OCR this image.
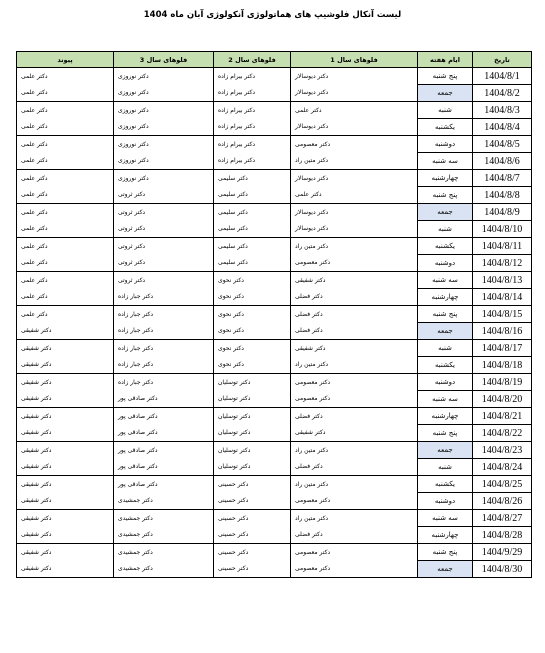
لیست آنکال فلوشیپ های هماتولوژی آنکولوژی آبان ماه 1404
تاریخ	ایام هفته	فلوهای سال 1	فلوهای سال 2	فلوهای سال 3	پیوند
1404/8/1	پنج شنبه	دکتر دیوسالار	دکتر بیرام زاده	دکتر نوروزی	دکتر علمی
1404/8/2	جمعه	دکتر دیوسالار	دکتر بیرام زاده	دکتر نوروزی	دکتر علمی
1404/8/3	شنبه	دکتر علمی	دکتر بیرام زاده	دکتر نوروزی	دکتر علمی
1404/8/4	یکشنبه	دکتر دیوسالار	دکتر بیرام زاده	دکتر نوروزی	دکتر علمی
1404/8/5	دوشنبه	دکتر معصومی	دکتر بیرام زاده	دکتر نوروزی	دکتر علمی
1404/8/6	سه شنبه	دکتر متین راد	دکتر بیرام زاده	دکتر نوروزی	دکتر علمی
1404/8/7	چهارشنبه	دکتر دیوسالار	دکتر سلیمی	دکتر نوروزی	دکتر علمی
1404/8/8	پنج شنبه	دکتر علمی	دکتر سلیمی	دکتر ثروتی	دکتر علمی
1404/8/9	جمعه	دکتر دیوسالار	دکتر سلیمی	دکتر ثروتی	دکتر علمی
1404/8/10	شنبه	دکتر دیوسالار	دکتر سلیمی	دکتر ثروتی	دکتر علمی
1404/8/11	یکشنبه	دکتر متین راد	دکتر سلیمی	دکتر ثروتی	دکتر علمی
1404/8/12	دوشنبه	دکتر معصومی	دکتر سلیمی	دکتر ثروتی	دکتر علمی
1404/8/13	سه شنبه	دکتر شفیقی	دکتر نحوی	دکتر ثروتی	دکتر علمی
1404/8/14	چهارشنبه	دکتر فضلی	دکتر نحوی	دکتر جبار زاده	دکتر علمی
1404/8/15	پنج شنبه	دکتر فضلی	دکتر نحوی	دکتر جبار زاده	دکتر علمی
1404/8/16	جمعه	دکتر فضلی	دکتر نحوی	دکتر جبار زاده	دکتر شفیقی
1404/8/17	شنبه	دکتر شفیقی	دکتر نحوی	دکتر جبار زاده	دکتر شفیقی
1404/8/18	یکشنبه	دکتر متین راد	دکتر نحوی	دکتر جبار زاده	دکتر شفیقی
1404/8/19	دوشنبه	دکتر معصومی	دکتر توسلیان	دکتر جبار زاده	دکتر شفیقی
1404/8/20	سه شنبه	دکتر معصومی	دکتر توسلیان	دکتر صادقی پور	دکتر شفیقی
1404/8/21	چهارشنبه	دکتر فضلی	دکتر توسلیان	دکتر صادقی پور	دکتر شفیقی
1404/8/22	پنج شنبه	دکتر شفیقی	دکتر توسلیان	دکتر صادقی پور	دکتر شفیقی
1404/8/23	جمعه	دکتر متین راد	دکتر توسلیان	دکتر صادقی پور	دکتر شفیقی
1404/8/24	شنبه	دکتر فضلی	دکتر توسلیان	دکتر صادقی پور	دکتر شفیقی
1404/8/25	یکشنبه	دکتر متین راد	دکتر حسینی	دکتر صادقی پور	دکتر شفیقی
1404/8/26	دوشنبه	دکتر معصومی	دکتر حسینی	دکتر جمشیدی	دکتر شفیقی
1404/8/27	سه شنبه	دکتر متین راد	دکتر حسینی	دکتر جمشیدی	دکتر شفیقی
1404/8/28	چهارشنبه	دکتر فضلی	دکتر حسینی	دکتر جمشیدی	دکتر شفیقی
1404/9/29	پنج شنبه	دکتر معصومی	دکتر حسینی	دکتر جمشیدی	دکتر شفیقی
1404/8/30	جمعه	دکتر معصومی	دکتر حسینی	دکتر جمشیدی	دکتر شفیقی
